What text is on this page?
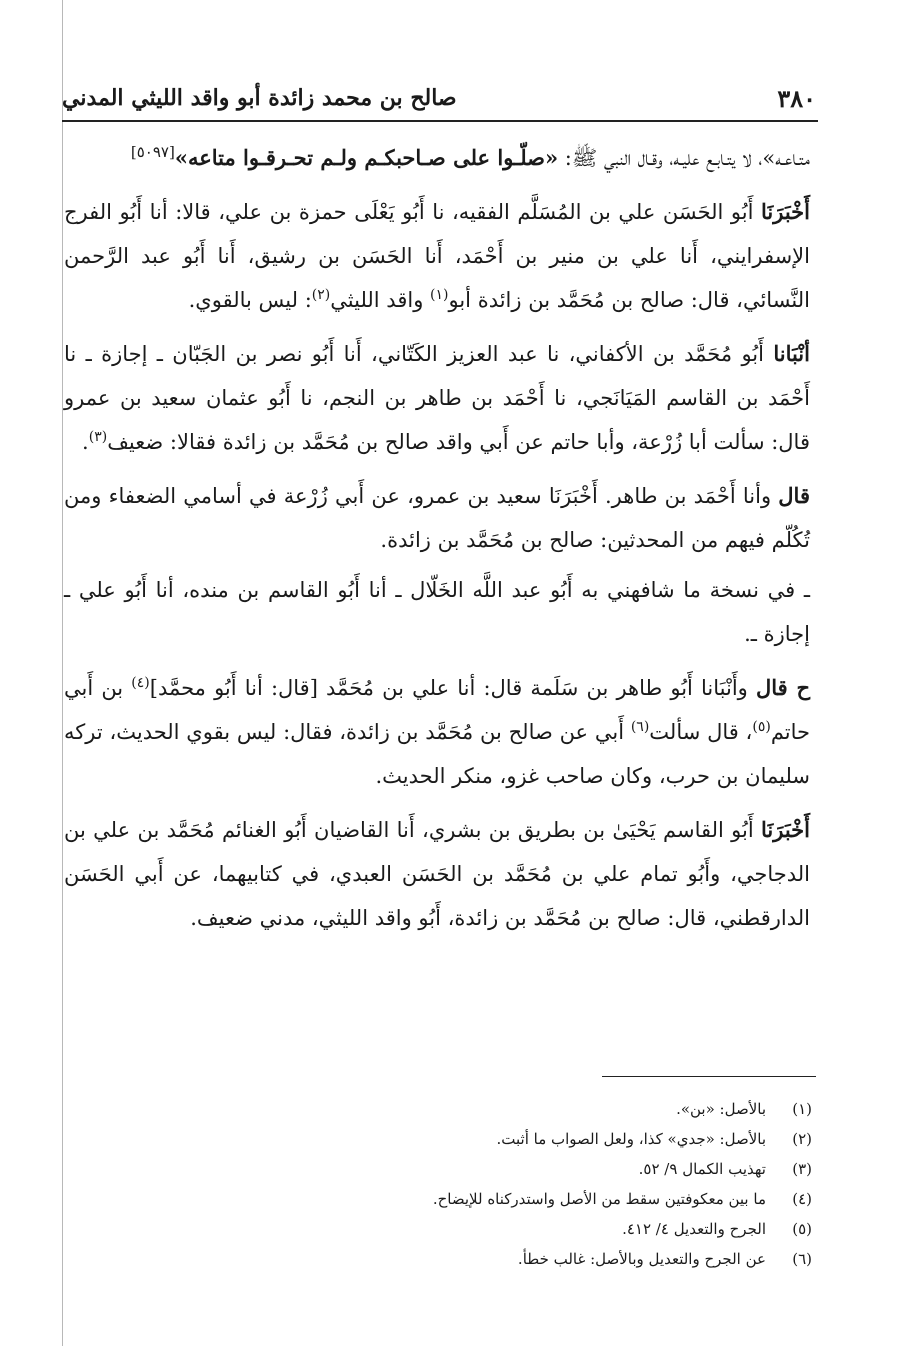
٣٨٠
صالح بن محمد زائدة أبو واقد الليثي المدني

متـاعـه»، لا يتـابـع عليـه، وقـال النبي ﷺ: «صلّـوا على صـاحبكـم ولـم تحـرقـوا متاعه»[٥٠٩٧]

أَخْبَرَنَا أَبُو الحَسَن علي بن المُسَلَّم الفقيه، نا أَبُو يَعْلَى حمزة بن علي، قالا: أنا أَبُو الفرج الإسفرايني، أَنا علي بن منير بن أَحْمَد، أَنا الحَسَن بن رشيق، أَنا أَبُو عبد الرَّحمن النَّسائي، قال: صالح بن مُحَمَّد بن زائدة أبو$^{(١)}$ واقد الليثي$^{(٢)}$: ليس بالقوي.

أنْبَانا أَبُو مُحَمَّد بن الأكفاني، نا عبد العزيز الكَتّاني، أَنا أَبُو نصر بن الجَبّان ـ إجازة ـ نا أَحْمَد بن القاسم المَيَانَجي، نا أَحْمَد بن طاهر بن النجم، نا أَبُو عثمان سعيد بن عمرو قال: سألت أبا زُرْعة، وأبا حاتم عن أَبي واقد صالح بن مُحَمَّد بن زائدة فقالا: ضعيف$^{(٣)}$.

قال وأنا أَحْمَد بن طاهر. أَخْبَرَنَا سعيد بن عمرو، عن أَبي زُرْعة في أسامي الضعفاء ومن تُكُلّم فيهم من المحدثين: صالح بن مُحَمَّد بن زائدة.

ـ في نسخة ما شافهني به أَبُو عبد اللَّه الخَلّال ـ أنا أَبُو القاسم بن منده، أنا أَبُو علي ـ إجازة ـ.

ح قال وأَنْبَانا أَبُو طاهر بن سَلَمة قال: أنا علي بن مُحَمَّد [قال: أنا أَبُو محمَّد]$^{(٤)}$ بن أَبي حاتم$^{(٥)}$، قال سألت$^{(٦)}$ أَبي عن صالح بن مُحَمَّد بن زائدة، فقال: ليس بقوي الحديث، تركه سليمان بن حرب، وكان صاحب غزو، منكر الحديث.

أَخْبَرَنَا أَبُو القاسم يَحْيَىٰ بن بطريق بن بشري، أَنا القاضيان أَبُو الغنائم مُحَمَّد بن علي بن الدجاجي، وأَبُو تمام علي بن مُحَمَّد بن الحَسَن العبدي، في كتابيهما، عن أَبي الحَسَن الدارقطني، قال: صالح بن مُحَمَّد بن زائدة، أَبُو واقد الليثي، مدني ضعيف.

(١)
بالأصل: «بن».
(٢)
بالأصل: «جدي» كذا، ولعل الصواب ما أثبت.
(٣)
تهذيب الكمال ٩/ ٥٢.
(٤)
ما بين معكوفتين سقط من الأصل واستدركناه للإيضاح.
(٥)
الجرح والتعديل ٤/ ٤١٢.
(٦)
عن الجرح والتعديل وبالأصل: غالب خطأ.
